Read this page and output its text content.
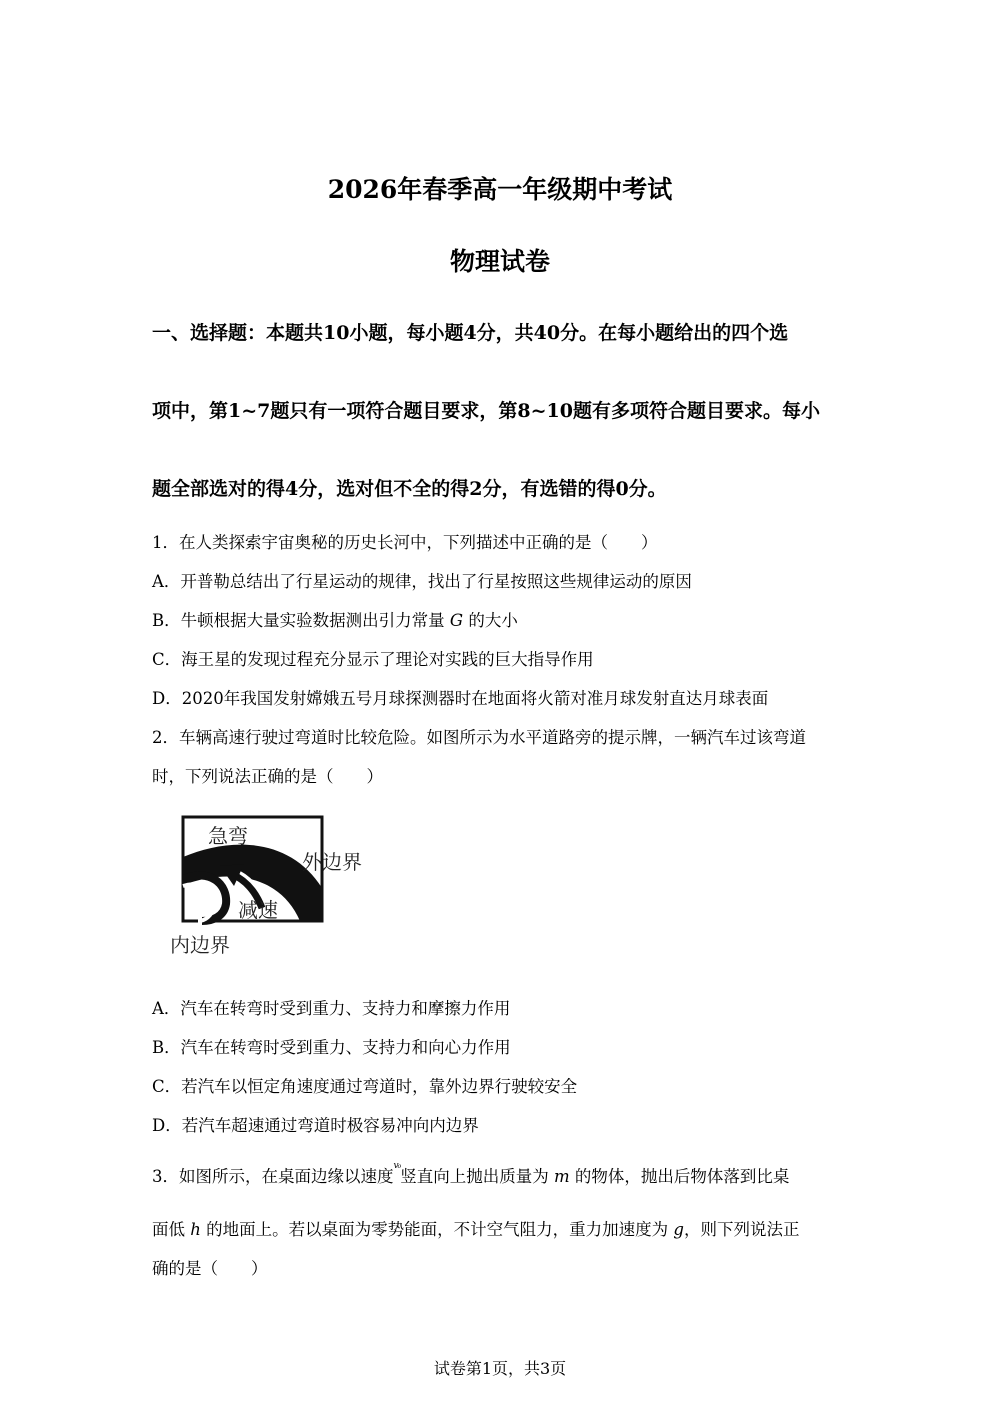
2026年春季高一年级期中考试
物理试卷
一、选择题：本题共10小题，每小题4分，共40分。在每小题给出的四个选
项中，第1~7题只有一项符合题目要求，第8~10题有多项符合题目要求。每小
题全部选对的得4分，选对但不全的得2分，有选错的得0分。
1．在人类探索宇宙奥秘的历史长河中，下列描述中正确的是（　　）
A．开普勒总结出了行星运动的规律，找出了行星按照这些规律运动的原因
B．牛顿根据大量实验数据测出引力常量 G 的大小
C．海王星的发现过程充分显示了理论对实践的巨大指导作用
D．2020年我国发射嫦娥五号月球探测器时在地面将火箭对准月球发射直达月球表面
2．车辆高速行驶过弯道时比较危险。如图所示为水平道路旁的提示牌，一辆汽车过该弯道
时，下列说法正确的是（　　）
急弯
减速
外边界
内边界
A．汽车在转弯时受到重力、支持力和摩擦力作用
B．汽车在转弯时受到重力、支持力和向心力作用
C．若汽车以恒定角速度通过弯道时，靠外边界行驶较安全
D．若汽车超速通过弯道时极容易冲向内边界
3．如图所示，在桌面边缘以速度$^{v_0}$竖直向上抛出质量为 m 的物体，抛出后物体落到比桌
面低 h 的地面上。若以桌面为零势能面，不计空气阻力，重力加速度为 g，则下列说法正
确的是（　　）
试卷第1页，共3页
